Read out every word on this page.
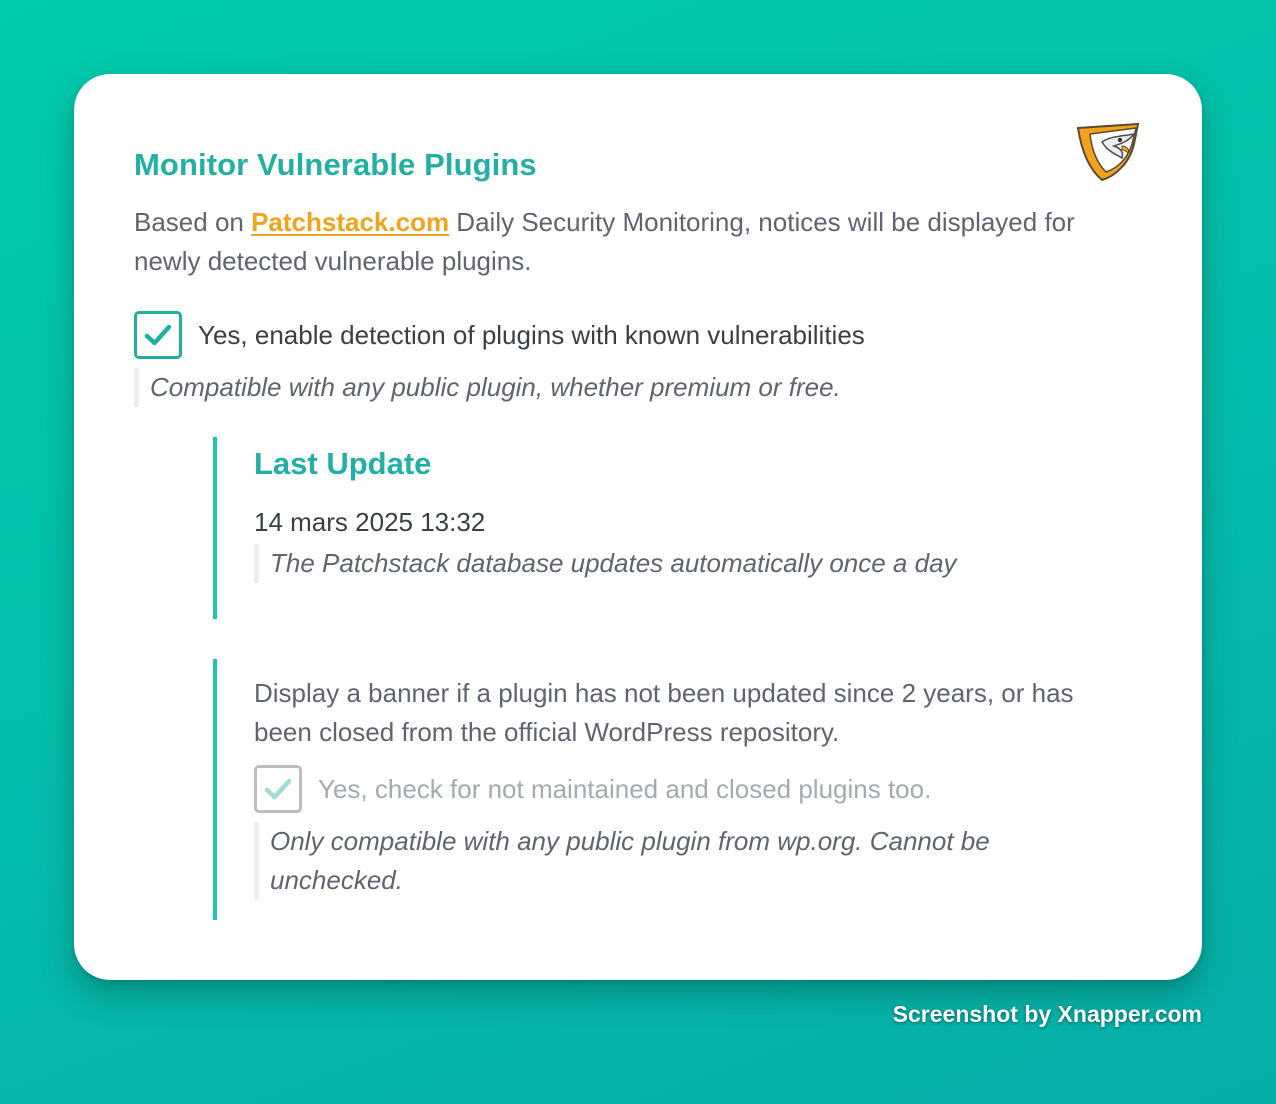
Monitor Vulnerable Plugins

Based on Patchstack.com Daily Security Monitoring, notices will be displayed for newly detected vulnerable plugins.

Yes, enable detection of plugins with known vulnerabilities

Compatible with any public plugin, whether premium or free.

Last Update

14 mars 2025 13:32

The Patchstack database updates automatically once a day

Display a banner if a plugin has not been updated since 2 years, or has been closed from the official WordPress repository.

Yes, check for not maintained and closed plugins too.

Only compatible with any public plugin from wp.org. Cannot be unchecked.

Screenshot by Xnapper.com
